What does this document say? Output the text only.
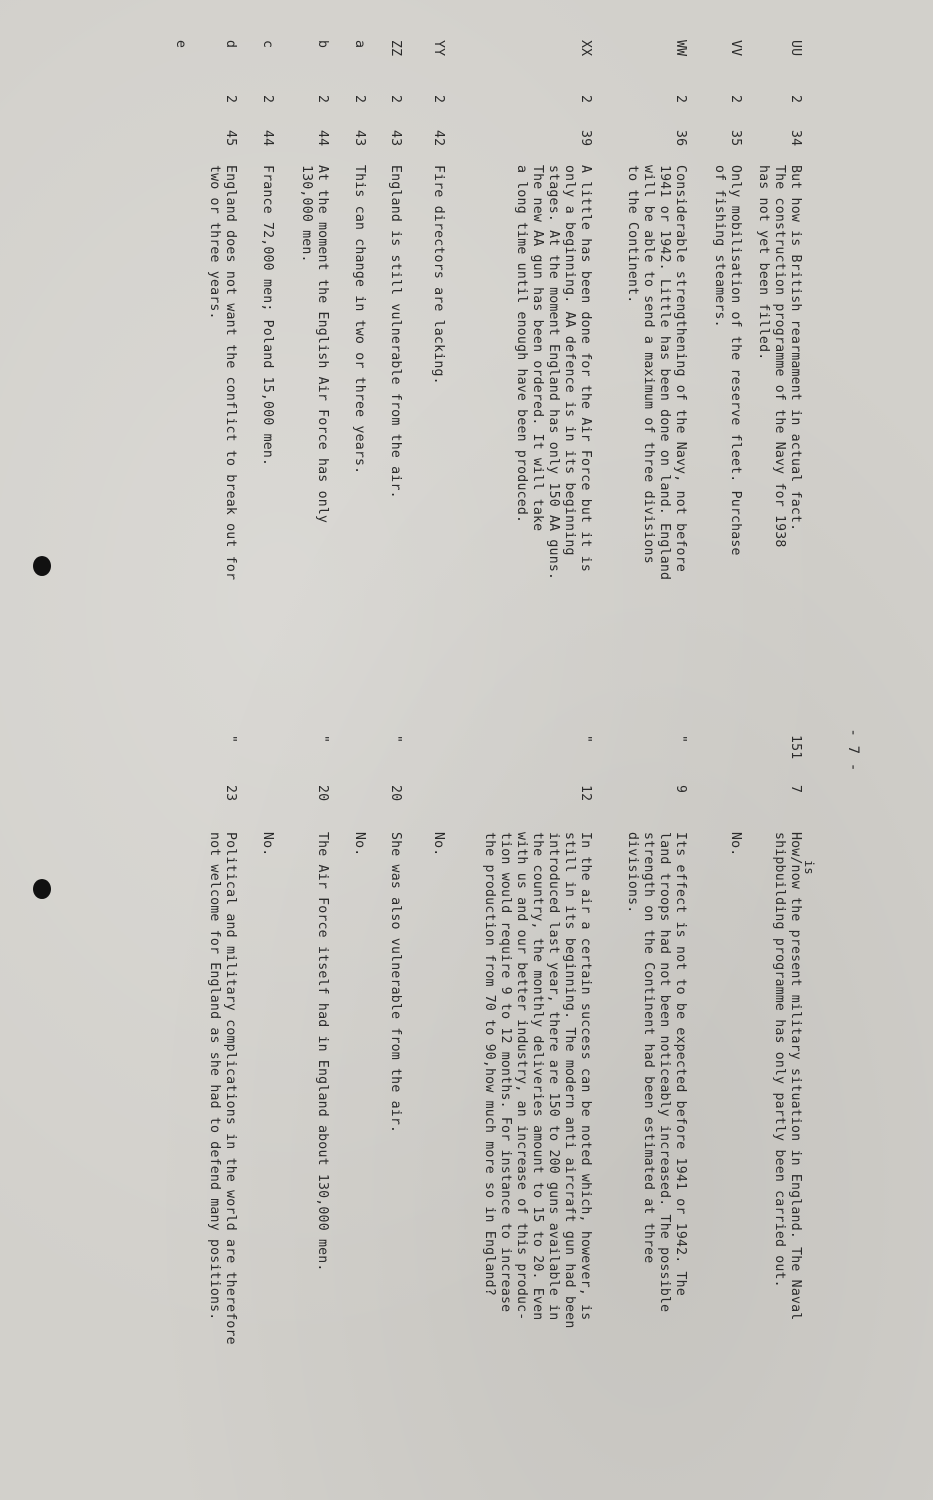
- 7 -
UU
2
34
But how is British rearmament in actual fact.
The construction programme of the Navy for 1938
has not yet been filled.
151
7
is
How/now the present military situation in England. The Naval
shipbuilding programme has only partly been carried out.
VV
2
35
Only mobilisation of the reserve fleet. Purchase
of fishing steamers.
No.
WW
2
36
Considerable strengthening of the Navy, not before
1941 or 1942. Little has been done on land. England
will be able to send a maximum of three divisions
to the Continent.
"
9
Its effect is not to be expected before 1941 or 1942. The
land troops had not been noticeably increased. The possible
strength on the Continent had been estimated at three
divisions.
XX
2
39
A little has been done for the Air Force but it is
only a beginning. AA defence is in its beginning
stages. At the moment England has only 150 AA guns.
The new AA gun has been ordered. It will take
a long time until enough have been produced.
"
12
In the air a certain success can be noted which, however, is
still in its beginning. The modern anti aircraft gun had been
introduced last year, there are 150 to 200 guns available in
the country, the monthly deliveries amount to 15 to 20. Even
with us and our better industry, an increase of this produc-
tion would require 9 to 12 months. For instance to increase
the production from 70 to 90,how much more so in England?
YY
2
42
Fire directors are lacking.
No.
ZZ
2
43
England is still vulnerable from the air.
"
20
She was also vulnerable from the air.
a
2
43
This can change in two or three years.
No.
b
2
44
At the moment the English Air Force has only
130,000 men.
"
20
The Air Force itself had in England about 130,000 men.
c
2
44
France 72,000 men; Poland 15,000 men.
No.
d
2
45
England does not want the conflict to break out for
two or three years.
"
23
Political and military complications in the world are therefore
not welcome for England as she had to defend many positions.
e
